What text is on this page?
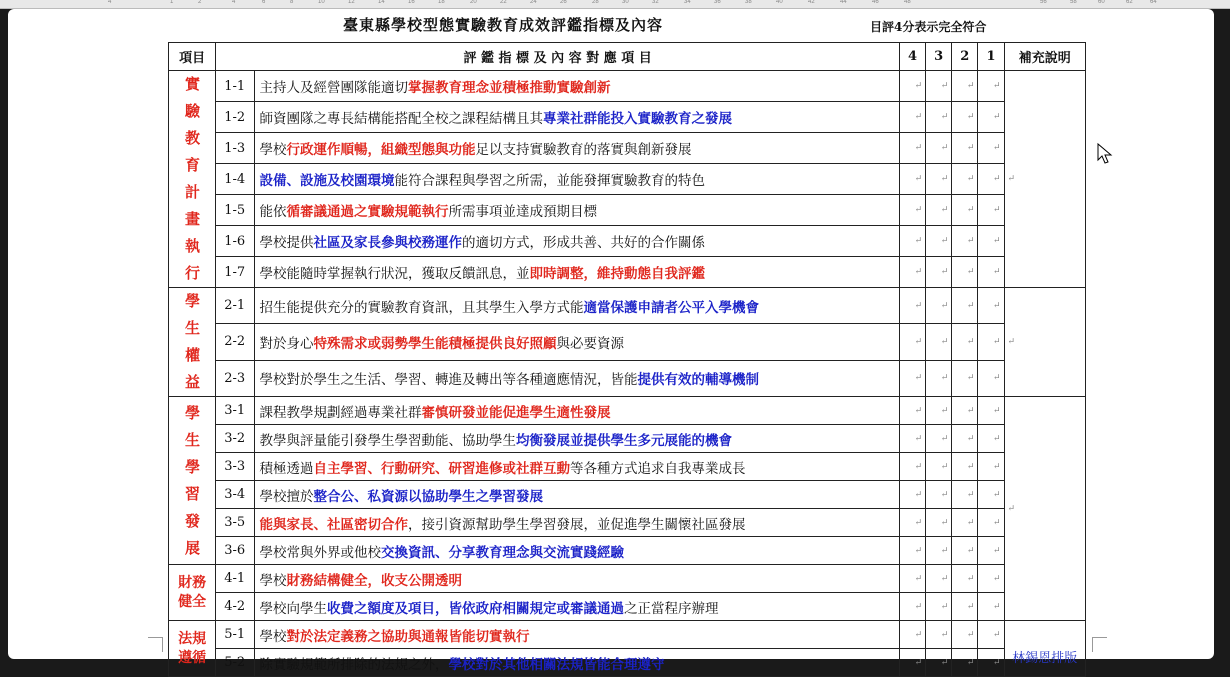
4	1	2	4	6	8	10	12	14	16	18	20	22	24	26	28	30	32	34	36	38	40	42	44	46	48	56	58	60	62	64
臺東縣學校型態實驗教育成效評鑑指標及內容	目評4分表示完全符合
項目	評 鑑 指 標 及 內 容 對 應 項 目		4	3	2	1	補充說明
實驗教育計畫執行	1-1	主持人及經營團隊能適切掌握教育理念並積極推動實驗創新	↵	↵	↵	↵	↵
	1-2	師資團隊之專長結構能搭配全校之課程結構且其專業社群能投入實驗教育之發展	↵	↵	↵	↵	
	1-3	學校行政運作順暢，組織型態與功能足以支持實驗教育的落實與創新發展	↵	↵	↵	↵	
	1-4	設備、設施及校園環境能符合課程與學習之所需，並能發揮實驗教育的特色	↵	↵	↵	↵	
	1-5	能依循審議通過之實驗規範執行所需事項並達成預期目標	↵	↵	↵	↵	
	1-6	學校提供社區及家長參與校務運作的適切方式，形成共善、共好的合作關係	↵	↵	↵	↵	
	1-7	學校能隨時掌握執行狀況，獲取反饋訊息，並即時調整，維持動態自我評鑑	↵	↵	↵	↵	
學生權益	2-1	招生能提供充分的實驗教育資訊，且其學生入學方式能適當保護申請者公平入學機會	↵	↵	↵	↵	↵
	2-2	對於身心特殊需求或弱勢學生能積極提供良好照顧與必要資源	↵	↵	↵	↵	
	2-3	學校對於學生之生活、學習、轉進及轉出等各種適應情況，皆能提供有效的輔導機制	↵	↵	↵	↵	
學生學習發展	3-1	課程教學規劃經過專業社群審慎研發並能促進學生適性發展	↵	↵	↵	↵	↵
	3-2	教學與評量能引發學生學習動能、協助學生均衡發展並提供學生多元展能的機會	↵	↵	↵	↵	
	3-3	積極透過自主學習、行動研究、研習進修或社群互動等各種方式追求自我專業成長	↵	↵	↵	↵	
	3-4	學校擅於整合公、私資源以協助學生之學習發展	↵	↵	↵	↵	
	3-5	能與家長、社區密切合作，接引資源幫助學生學習發展，並促進學生關懷社區發展	↵	↵	↵	↵	
	3-6	學校常與外界或他校交換資訊、分享教育理念與交流實踐經驗	↵	↵	↵	↵	
財務健全	4-1	學校財務結構健全，收支公開透明	↵	↵	↵	↵	
	4-2	學校向學生收費之額度及項目，皆依政府相關規定或審議通過之正當程序辦理	↵	↵	↵	↵	
法規遵循	5-1	學校對於法定義務之協助與通報皆能切實執行	↵	↵	↵	↵	林錫恩排版
	5-2	除實驗規範所排除的法規之外，學校對於其他相關法規皆能合理遵守	↵	↵	↵	↵	
